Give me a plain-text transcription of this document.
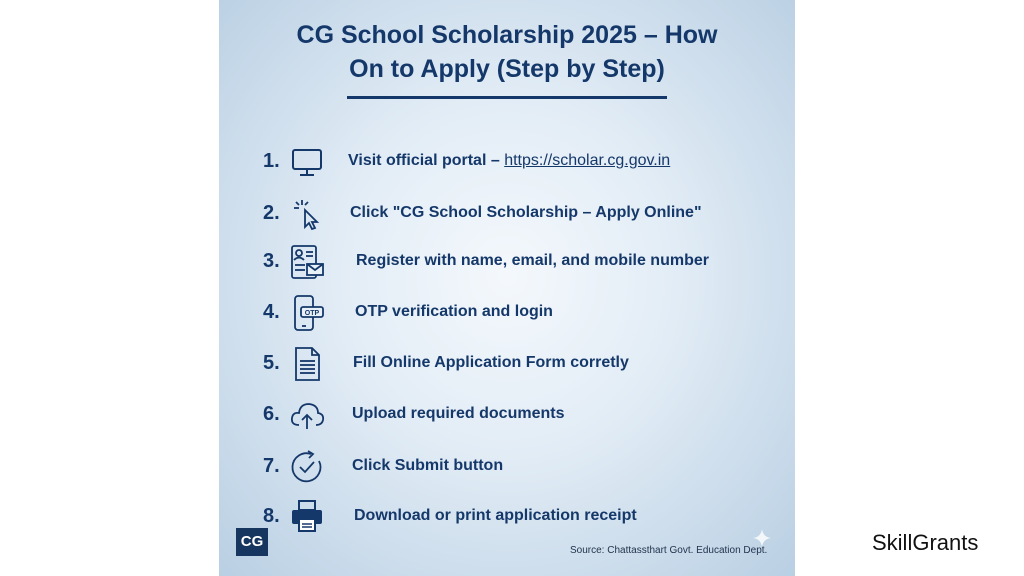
CG School Scholarship 2025 – How
On to Apply (Step by Step)
1.	Visit official portal – https://scholar.cg.gov.in
2.	Click "CG School Scholarship – Apply Online"
3.	Register with name, email, and mobile number
4.	OTP OTP verification and login
5.	Fill Online Application Form corretly
6.	Upload required documents
7.	Click Submit button
8.	Download or print application receipt
CG
Source: Chattassthart Govt. Education Dept.	SkillGrants
